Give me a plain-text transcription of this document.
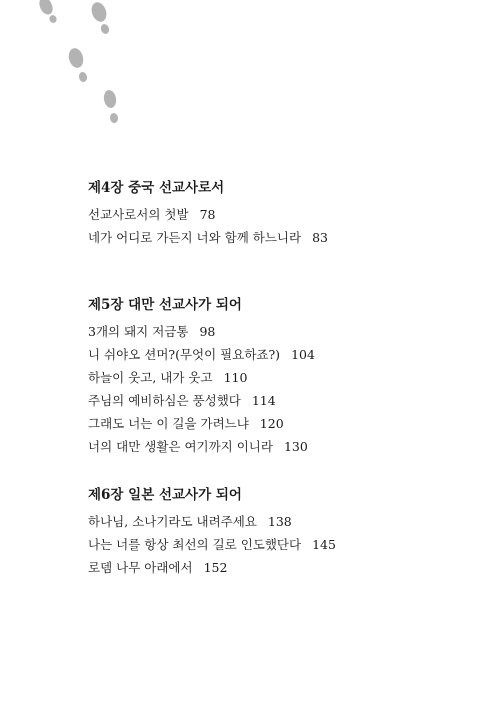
제4장 중국 선교사로서
선교사로서의 첫발 78
네가 어디로 가든지 너와 함께 하느니라 83
제5장 대만 선교사가 되어
3개의 돼지 저금통 98
니 쉬야오 션머?(무엇이 필요하죠?) 104
하늘이 웃고, 내가 웃고 110
주님의 예비하심은 풍성했다 114
그래도 너는 이 길을 가려느냐 120
너의 대만 생활은 여기까지 이니라 130
제6장 일본 선교사가 되어
하나님, 소나기라도 내려주세요 138
나는 너를 항상 최선의 길로 인도했단다 145
로뎀 나무 아래에서 152
